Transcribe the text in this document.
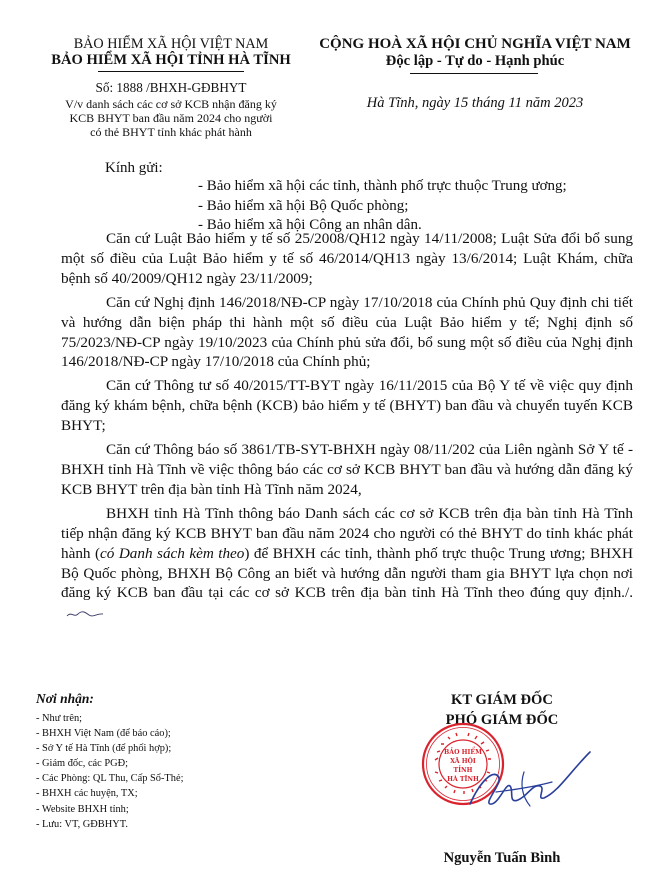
BẢO HIỂM XÃ HỘI VIỆT NAM
BẢO HIỂM XÃ HỘI TỈNH HÀ TĨNH
Số: 1888 /BHXH-GĐBHYT
V/v danh sách các cơ sở KCB nhận đăng ký
KCB BHYT ban đầu năm 2024 cho người
có thẻ BHYT tỉnh khác phát hành
CỘNG HOÀ XÃ HỘI CHỦ NGHĨA VIỆT NAM
Độc lập - Tự do - Hạnh phúc
Hà Tĩnh, ngày 15 tháng 11 năm 2023
Kính gửi:
- Bảo hiểm xã hội các tỉnh, thành phố trực thuộc Trung ương;
- Bảo hiểm xã hội Bộ Quốc phòng;
- Bảo hiểm xã hội Công an nhân dân.

Căn cứ Luật Bảo hiểm y tế số 25/2008/QH12 ngày 14/11/2008; Luật Sửa đổi bổ sung một số điều của Luật Bảo hiểm y tế số 46/2014/QH13 ngày 13/6/2014; Luật Khám, chữa bệnh số 40/2009/QH12 ngày 23/11/2009;

Căn cứ Nghị định 146/2018/NĐ-CP ngày 17/10/2018 của Chính phủ Quy định chi tiết và hướng dẫn biện pháp thi hành một số điều của Luật Bảo hiểm y tế; Nghị định số 75/2023/NĐ-CP ngày 19/10/2023 của Chính phủ sửa đổi, bổ sung một số điều của Nghị định 146/2018/NĐ-CP ngày 17/10/2018 của Chính phủ;

Căn cứ Thông tư số 40/2015/TT-BYT ngày 16/11/2015 của Bộ Y tế về việc quy định đăng ký khám bệnh, chữa bệnh (KCB) bảo hiểm y tế (BHYT) ban đầu và chuyển tuyến KCB BHYT;

Căn cứ Thông báo số 3861/TB-SYT-BHXH ngày 08/11/202 của Liên ngành Sở Y tế - BHXH tỉnh Hà Tĩnh về việc thông báo các cơ sở KCB BHYT ban đầu và hướng dẫn đăng ký KCB BHYT trên địa bàn tỉnh Hà Tĩnh năm 2024,

BHXH tỉnh Hà Tĩnh thông báo Danh sách các cơ sở KCB trên địa bàn tỉnh Hà Tĩnh tiếp nhận đăng ký KCB BHYT ban đầu năm 2024 cho người có thẻ BHYT do tỉnh khác phát hành (có Danh sách kèm theo) để BHXH các tỉnh, thành phố trực thuộc Trung ương; BHXH Bộ Quốc phòng, BHXH Bộ Công an biết và hướng dẫn người tham gia BHYT lựa chọn nơi đăng ký KCB ban đầu tại các cơ sở KCB trên địa bàn tỉnh Hà Tĩnh theo đúng quy định./.

Nơi nhận:
- Như trên;
- BHXH Việt Nam (để báo cáo);
- Sở Y tế Hà Tĩnh (để phối hợp);
- Giám đốc, các PGĐ;
- Các Phòng: QL Thu, Cấp Sổ-Thẻ;
- BHXH các huyện, TX;
- Website BHXH tỉnh;
- Lưu: VT, GĐBHYT.
KT GIÁM ĐỐC
PHÓ GIÁM ĐỐC
BẢO HIỂM
XÃ HỘI
TỈNH
HÀ TĨNH
Nguyễn Tuấn Bình
